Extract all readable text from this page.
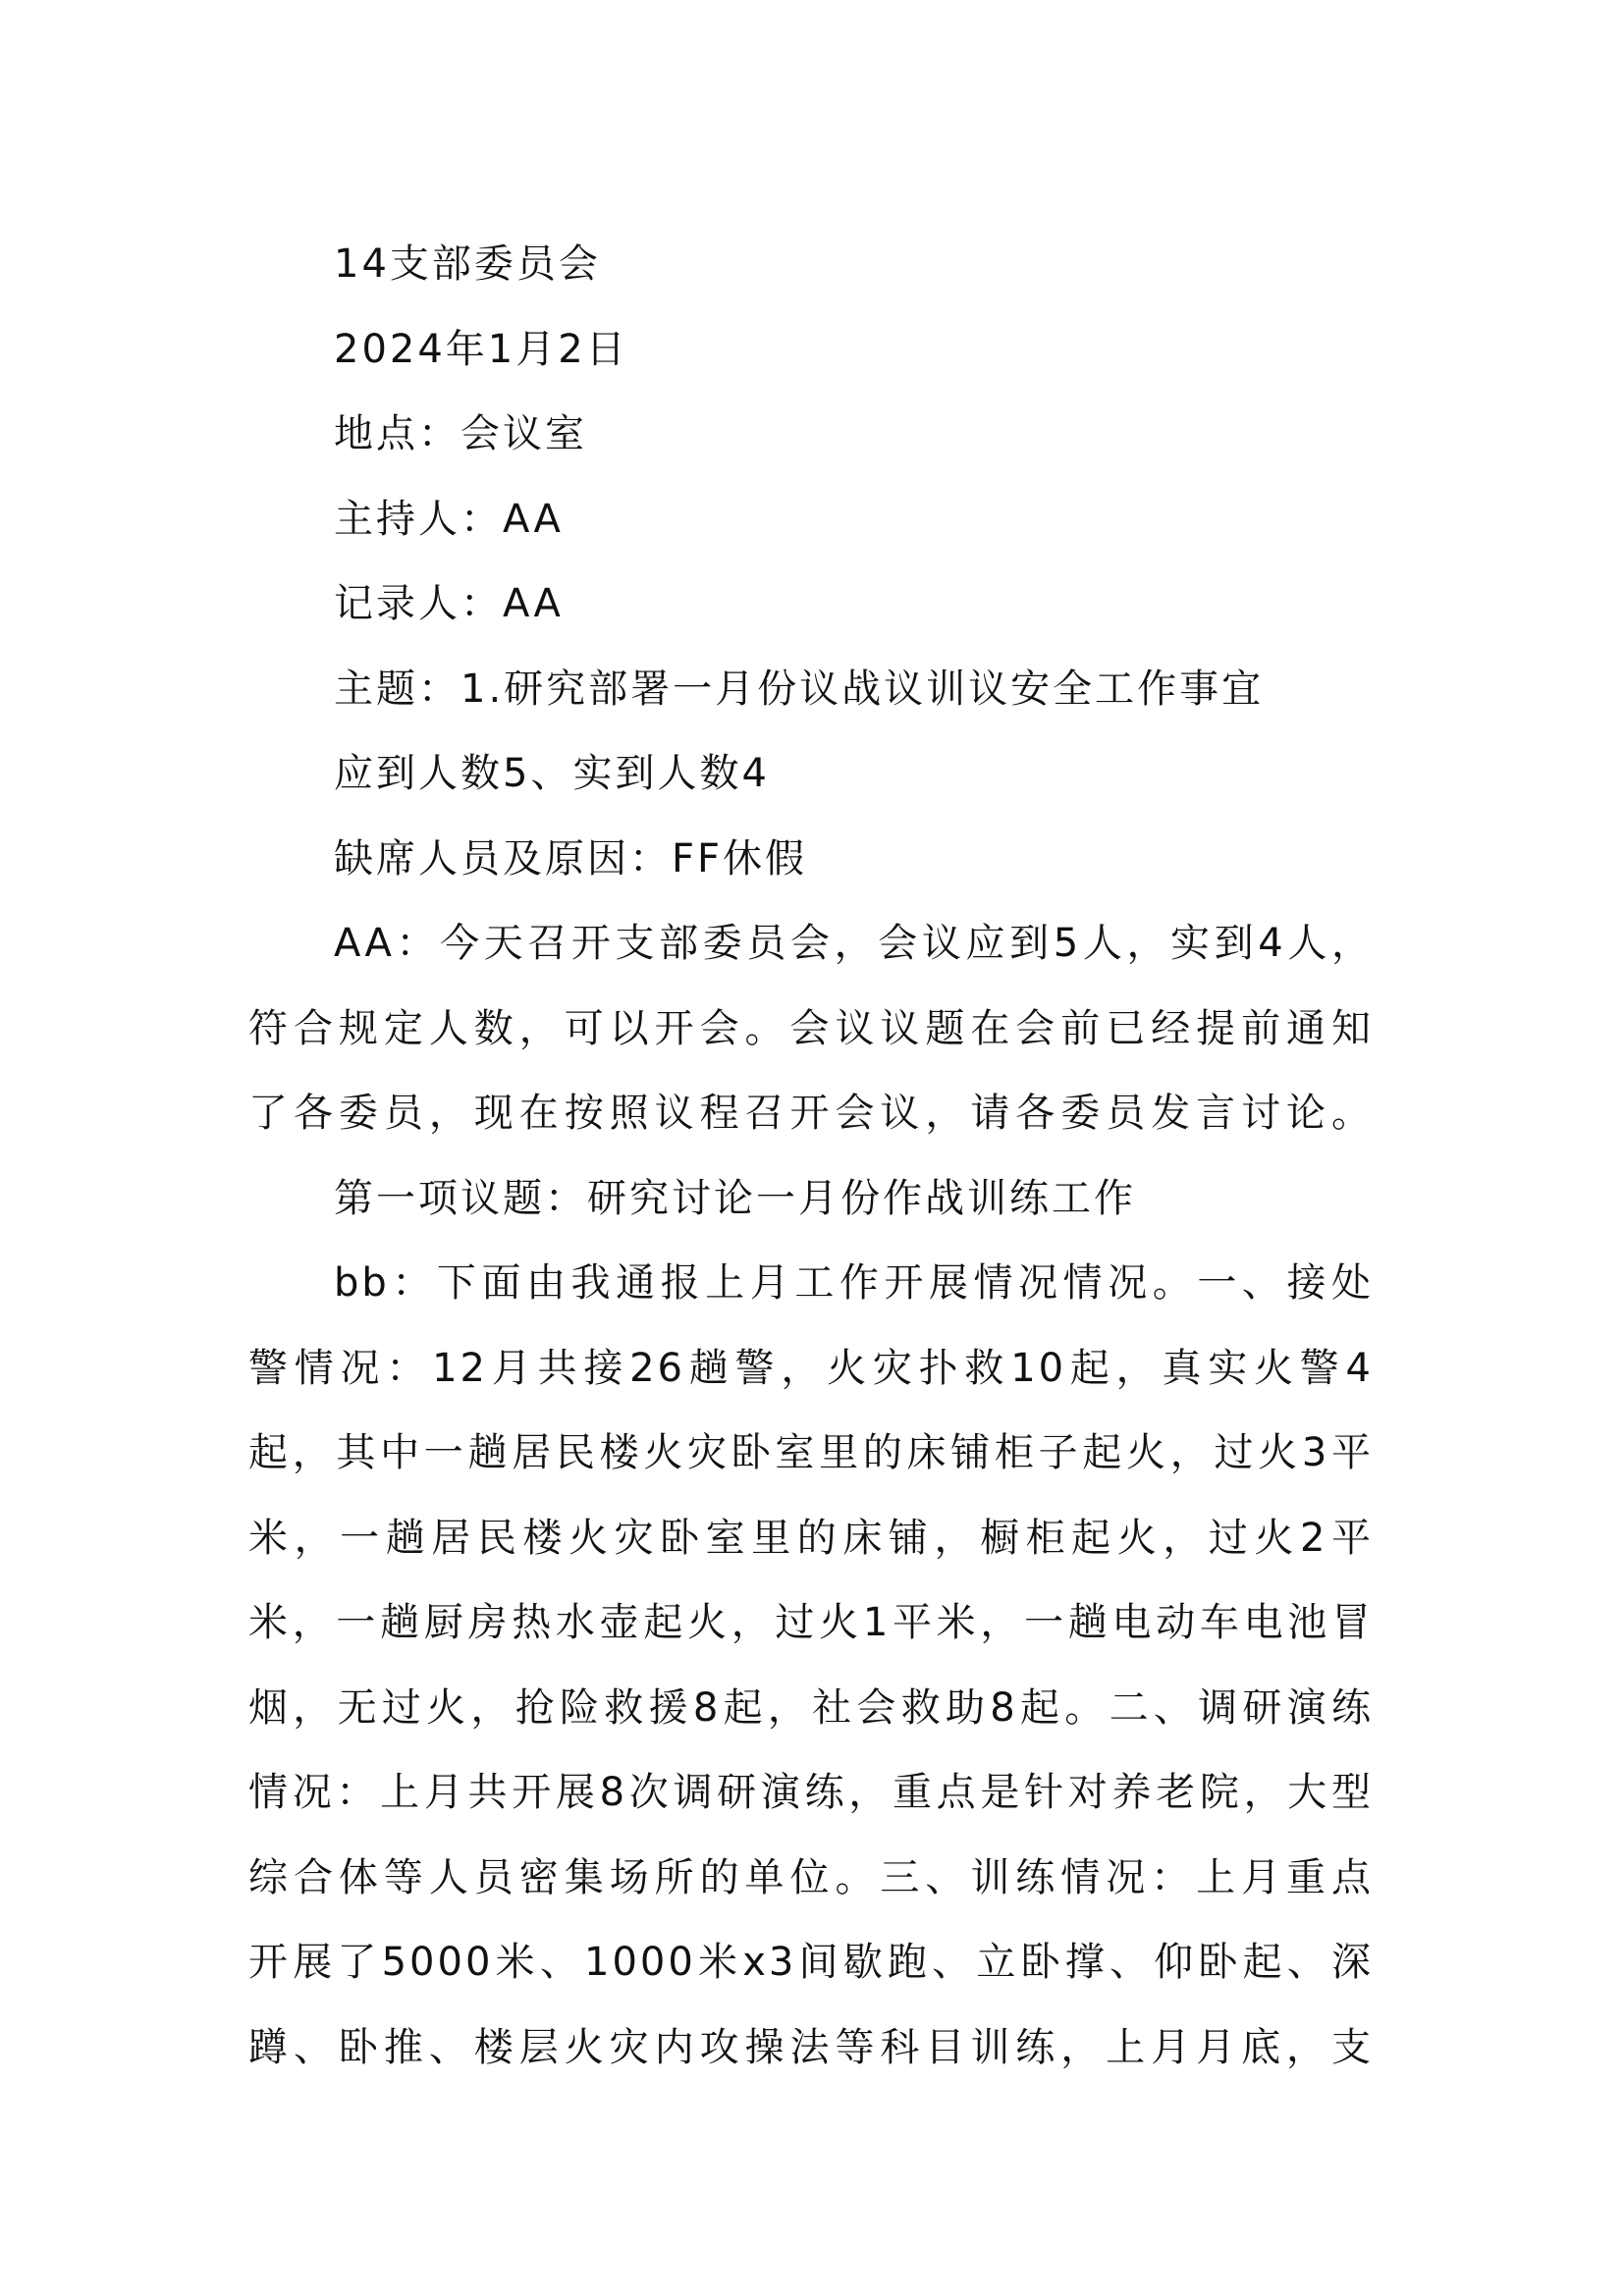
14支部委员会
2024年1月2日
地点：会议室
主持人：AA
记录人：AA
主题：1.研究部署一月份议战议训议安全工作事宜
应到人数5、实到人数4
缺席人员及原因：FF休假
AA：今天召开支部委员会，会议应到5人，实到4人，
符合规定人数，可以开会。会议议题在会前已经提前通知
了各委员，现在按照议程召开会议，请各委员发言讨论。
第一项议题：研究讨论一月份作战训练工作
bb：下面由我通报上月工作开展情况情况。一、接处
警情况：12月共接26趟警，火灾扑救10起，真实火警4
起，其中一趟居民楼火灾卧室里的床铺柜子起火，过火3平
米，一趟居民楼火灾卧室里的床铺，橱柜起火，过火2平
米，一趟厨房热水壶起火，过火1平米，一趟电动车电池冒
烟，无过火，抢险救援8起，社会救助8起。二、调研演练
情况：上月共开展8次调研演练，重点是针对养老院，大型
综合体等人员密集场所的单位。三、训练情况：上月重点
开展了5000米、1000米x3间歇跑、立卧撑、仰卧起、深
蹲、卧推、楼层火灾内攻操法等科目训练，上月月底，支
